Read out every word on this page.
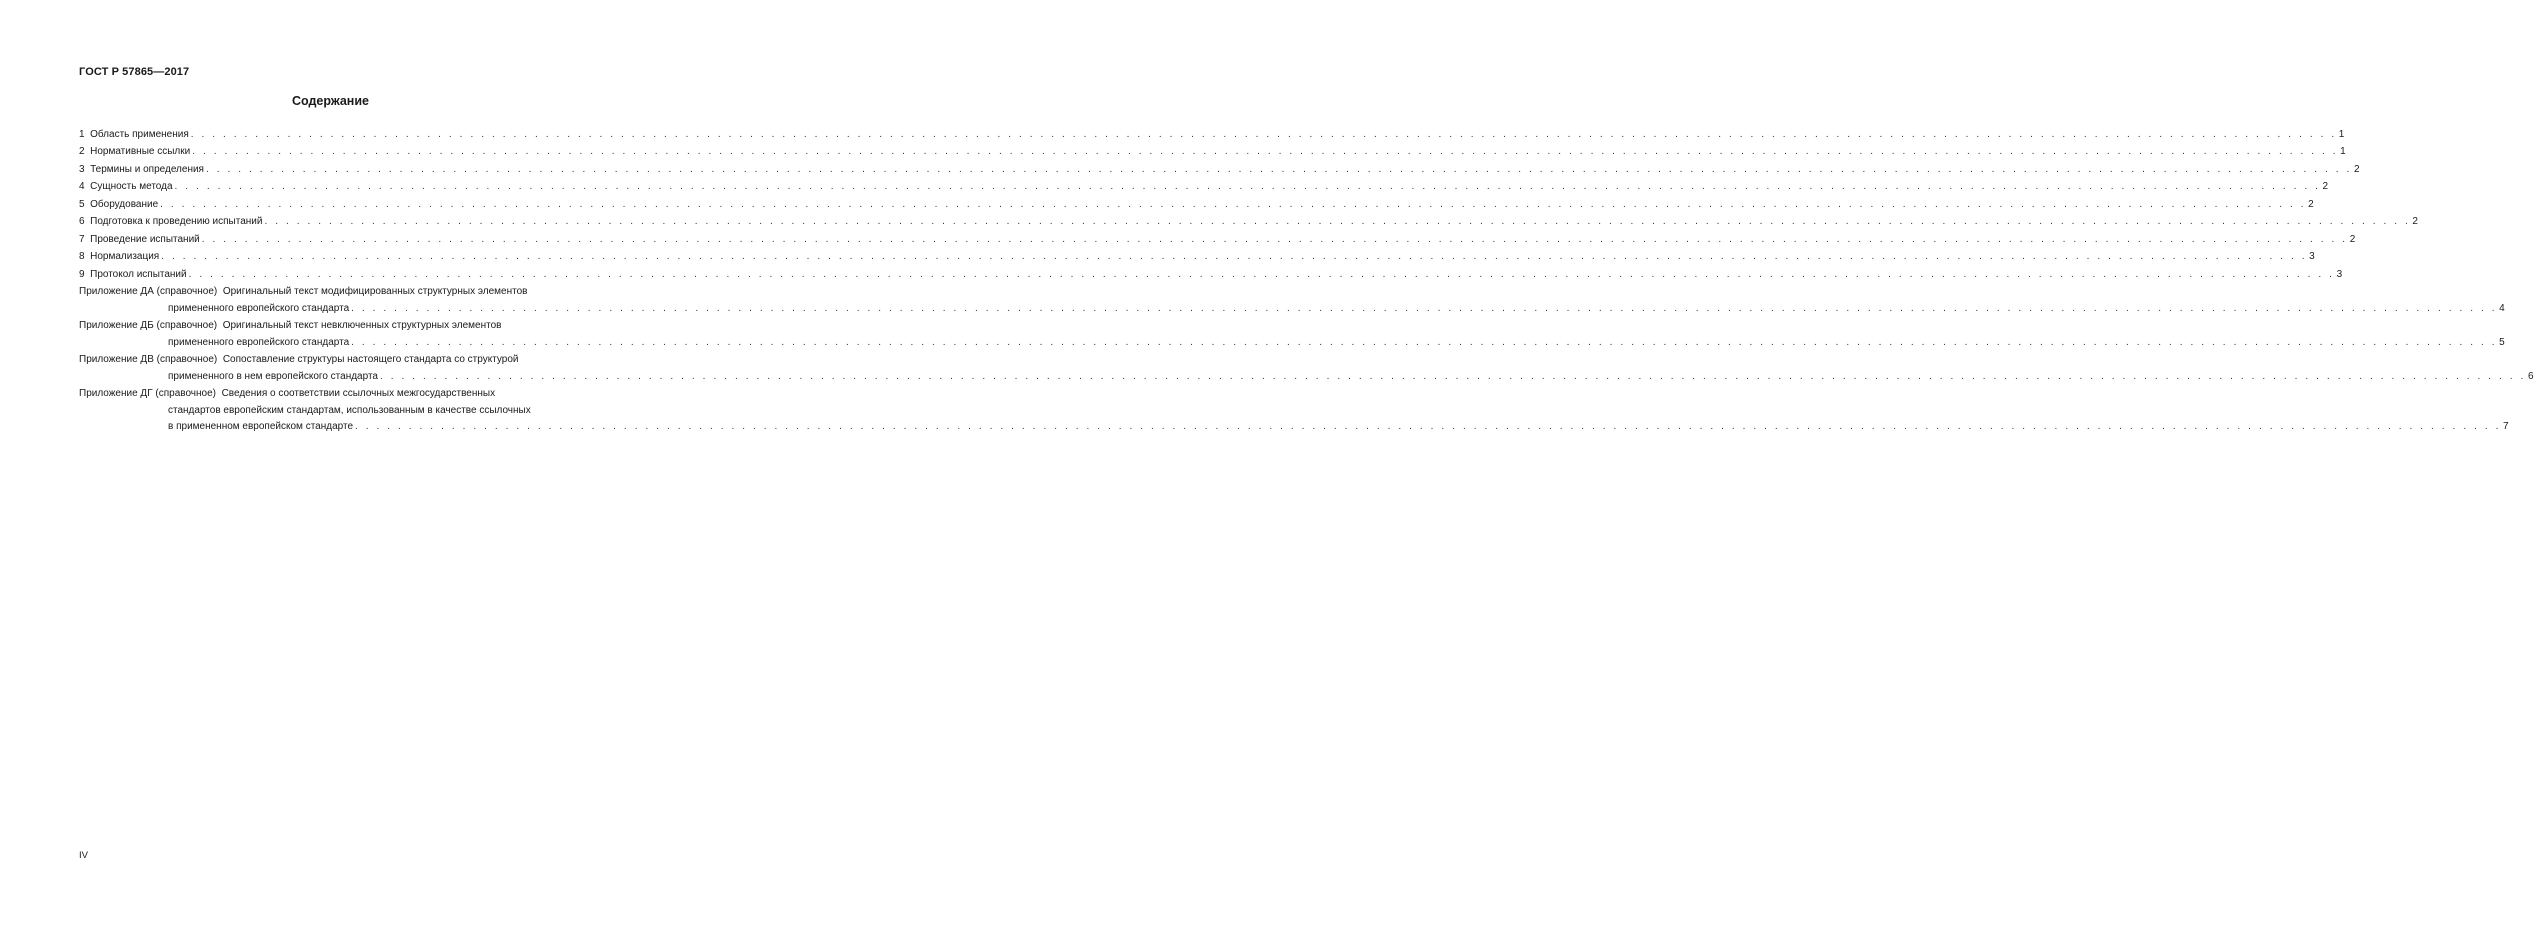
ГОСТ Р 57865—2017
Содержание
1
Область применения . . . . . . . . . . . . . . . . . . . . . . . . . . . . . . . . . . . . . . . . . . . . . . . . . . . . . . . . . . . . . . . . . . . . . . . . . . . . . . . . . . . . . . . . . . . . . . . . . . . . . . . . . . . . . . . . . . . . . . . . . . . . . . . . . . . . . . . . . . . . . . . . . . . . . . . . . . . . . . . . . . . . . . . . . . . . . . . . . . . . . . . . . . . . . . . . . . . . . . . . 1
2
Нормативные ссылки . . . . . . . . . . . . . . . . . . . . . . . . . . . . . . . . . . . . . . . . . . . . . . . . . . . . . . . . . . . . . . . . . . . . . . . . . . . . . . . . . . . . . . . . . . . . . . . . . . . . . . . . . . . . . . . . . . . . . . . . . . . . . . . . . . . . . . . . . . . . . . . . . . . . . . . . . . . . . . . . . . . . . . . . . . . . . . . . . . . . . . . . . . . . . . . . . . . . . . . . 1
3
Термины и определения . . . . . . . . . . . . . . . . . . . . . . . . . . . . . . . . . . . . . . . . . . . . . . . . . . . . . . . . . . . . . . . . . . . . . . . . . . . . . . . . . . . . . . . . . . . . . . . . . . . . . . . . . . . . . . . . . . . . . . . . . . . . . . . . . . . . . . . . . . . . . . . . . . . . . . . . . . . . . . . . . . . . . . . . . . . . . . . . . . . . . . . . . . . . . . . . . . . . . . . . 2
4
Сущность метода . . . . . . . . . . . . . . . . . . . . . . . . . . . . . . . . . . . . . . . . . . . . . . . . . . . . . . . . . . . . . . . . . . . . . . . . . . . . . . . . . . . . . . . . . . . . . . . . . . . . . . . . . . . . . . . . . . . . . . . . . . . . . . . . . . . . . . . . . . . . . . . . . . . . . . . . . . . . . . . . . . . . . . . . . . . . . . . . . . . . . . . . . . . . . . . . . . . . . . . . 2
5
Оборудование . . . . . . . . . . . . . . . . . . . . . . . . . . . . . . . . . . . . . . . . . . . . . . . . . . . . . . . . . . . . . . . . . . . . . . . . . . . . . . . . . . . . . . . . . . . . . . . . . . . . . . . . . . . . . . . . . . . . . . . . . . . . . . . . . . . . . . . . . . . . . . . . . . . . . . . . . . . . . . . . . . . . . . . . . . . . . . . . . . . . . . . . . . . . . . . . . . . . . . . . 2
6
Подготовка к проведению испытаний . . . . . . . . . . . . . . . . . . . . . . . . . . . . . . . . . . . . . . . . . . . . . . . . . . . . . . . . . . . . . . . . . . . . . . . . . . . . . . . . . . . . . . . . . . . . . . . . . . . . . . . . . . . . . . . . . . . . . . . . . . . . . . . . . . . . . . . . . . . . . . . . . . . . . . . . . . . . . . . . . . . . . . . . . . . . . . . . . . . . . . . . . . . . . . . . . . . . . . . . 2
7
Проведение испытаний . . . . . . . . . . . . . . . . . . . . . . . . . . . . . . . . . . . . . . . . . . . . . . . . . . . . . . . . . . . . . . . . . . . . . . . . . . . . . . . . . . . . . . . . . . . . . . . . . . . . . . . . . . . . . . . . . . . . . . . . . . . . . . . . . . . . . . . . . . . . . . . . . . . . . . . . . . . . . . . . . . . . . . . . . . . . . . . . . . . . . . . . . . . . . . . . . . . . . . . . 2
8
Нормализация . . . . . . . . . . . . . . . . . . . . . . . . . . . . . . . . . . . . . . . . . . . . . . . . . . . . . . . . . . . . . . . . . . . . . . . . . . . . . . . . . . . . . . . . . . . . . . . . . . . . . . . . . . . . . . . . . . . . . . . . . . . . . . . . . . . . . . . . . . . . . . . . . . . . . . . . . . . . . . . . . . . . . . . . . . . . . . . . . . . . . . . . . . . . . . . . . . . . . . . . 3
9
Протокол испытаний . . . . . . . . . . . . . . . . . . . . . . . . . . . . . . . . . . . . . . . . . . . . . . . . . . . . . . . . . . . . . . . . . . . . . . . . . . . . . . . . . . . . . . . . . . . . . . . . . . . . . . . . . . . . . . . . . . . . . . . . . . . . . . . . . . . . . . . . . . . . . . . . . . . . . . . . . . . . . . . . . . . . . . . . . . . . . . . . . . . . . . . . . . . . . . . . . . . . . . . . 3
Приложение ДА (справочное)
Оригинальный текст модифицированных структурных элементов
примененного европейского стандарта . . . . . . . . . . . . . . . . . . . . . . . . . . . . . . . . . . . . . . . . . . . . . . . . . . . . . . . . . . . . . . . . . . . . . . . . . . . . . . . . . . . . . . . . . . . . . . . . . . . . . . . . . . . . . . . . . . . . . . . . . . . . . . . . . . . . . . . . . . . . . . . . . . . . . . . . . . . . . . . . . . . . . . . . . . . . . . . . . . . . . . . . . . . . . . . . . . . . . . . . 4
Приложение ДБ (справочное)
Оригинальный текст невключенных структурных элементов
примененного европейского стандарта . . . . . . . . . . . . . . . . . . . . . . . . . . . . . . . . . . . . . . . . . . . . . . . . . . . . . . . . . . . . . . . . . . . . . . . . . . . . . . . . . . . . . . . . . . . . . . . . . . . . . . . . . . . . . . . . . . . . . . . . . . . . . . . . . . . . . . . . . . . . . . . . . . . . . . . . . . . . . . . . . . . . . . . . . . . . . . . . . . . . . . . . . . . . . . . . . . . . . . . . 5
Приложение ДВ (справочное)
Сопоставление структуры настоящего стандарта со структурой
примененного в нем европейского стандарта . . . . . . . . . . . . . . . . . . . . . . . . . . . . . . . . . . . . . . . . . . . . . . . . . . . . . . . . . . . . . . . . . . . . . . . . . . . . . . . . . . . . . . . . . . . . . . . . . . . . . . . . . . . . . . . . . . . . . . . . . . . . . . . . . . . . . . . . . . . . . . . . . . . . . . . . . . . . . . . . . . . . . . . . . . . . . . . . . . . . . . . . . . . . . . . . . . . . . . . . 6
Приложение ДГ (справочное)
Сведения о соответствии ссылочных межгосударственных
стандартов европейским стандартам, использованным в качестве ссылочных
в примененном европейском стандарте . . . . . . . . . . . . . . . . . . . . . . . . . . . . . . . . . . . . . . . . . . . . . . . . . . . . . . . . . . . . . . . . . . . . . . . . . . . . . . . . . . . . . . . . . . . . . . . . . . . . . . . . . . . . . . . . . . . . . . . . . . . . . . . . . . . . . . . . . . . . . . . . . . . . . . . . . . . . . . . . . . . . . . . . . . . . . . . . . . . . . . . . . . . . . . . . . . . . . . . . 7
IV
